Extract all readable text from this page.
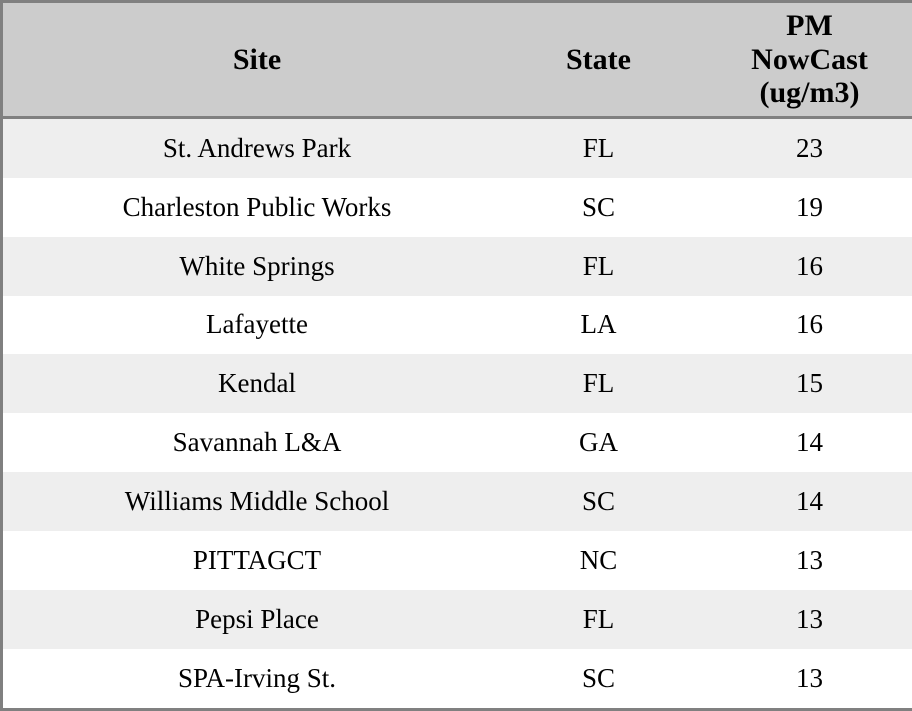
Site	State	PM
NowCast
(ug/m3)

St. Andrews Park	FL	23
Charleston Public Works	SC	19
White Springs	FL	16
Lafayette	LA	16
Kendal	FL	15
Savannah L&A	GA	14
Williams Middle School	SC	14
PITTAGCT	NC	13
Pepsi Place	FL	13
SPA-Irving St.	SC	13
